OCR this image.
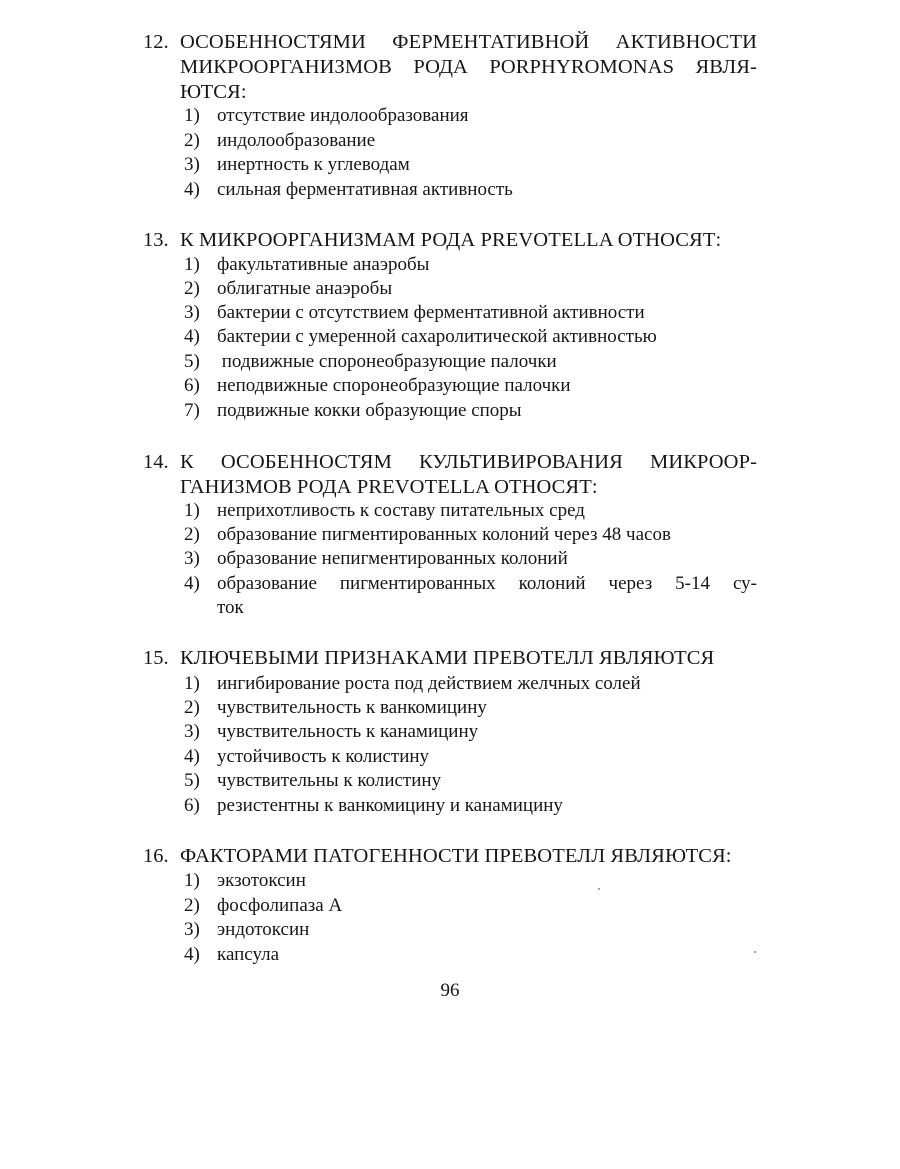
12. ОСОБЕННОСТЯМИ ФЕРМЕНТАТИВНОЙ АКТИВНОСТИ
МИКРООРГАНИЗМОВ РОДА PORPHYROMONAS ЯВЛЯ-
ЮТСЯ:
1) отсутствие индолообразования
2) индолообразование
3) инертность к углеводам
4) сильная ферментативная активность
13. К МИКРООРГАНИЗМАМ РОДА PREVOTELLA ОТНОСЯТ:
1) факультативные анаэробы
2) облигатные анаэробы
3) бактерии с отсутствием ферментативной активности
4) бактерии с умеренной сахаролитической активностью
5) подвижные споронеобразующие палочки
6) неподвижные споронеобразующие палочки
7) подвижные кокки образующие споры
14. К ОСОБЕННОСТЯМ КУЛЬТИВИРОВАНИЯ МИКРООР-
ГАНИЗМОВ РОДА PREVOTELLA ОТНОСЯТ:
1) неприхотливость к составу питательных сред
2) образование пигментированных колоний через 48 часов
3) образование непигментированных колоний
4) образование пигментированных колоний через 5-14 су-
ток
15. КЛЮЧЕВЫМИ ПРИЗНАКАМИ ПРЕВОТЕЛЛ ЯВЛЯЮТСЯ
1) ингибирование роста под действием желчных солей
2) чувствительность к ванкомицину
3) чувствительность к канамицину
4) устойчивость к колистину
5) чувствительны к колистину
6) резистентны к ванкомицину и канамицину
16. ФАКТОРАМИ ПАТОГЕННОСТИ ПРЕВОТЕЛЛ ЯВЛЯЮТСЯ:
1) экзотоксин
2) фосфолипаза А
3) эндотоксин
4) капсула
96
